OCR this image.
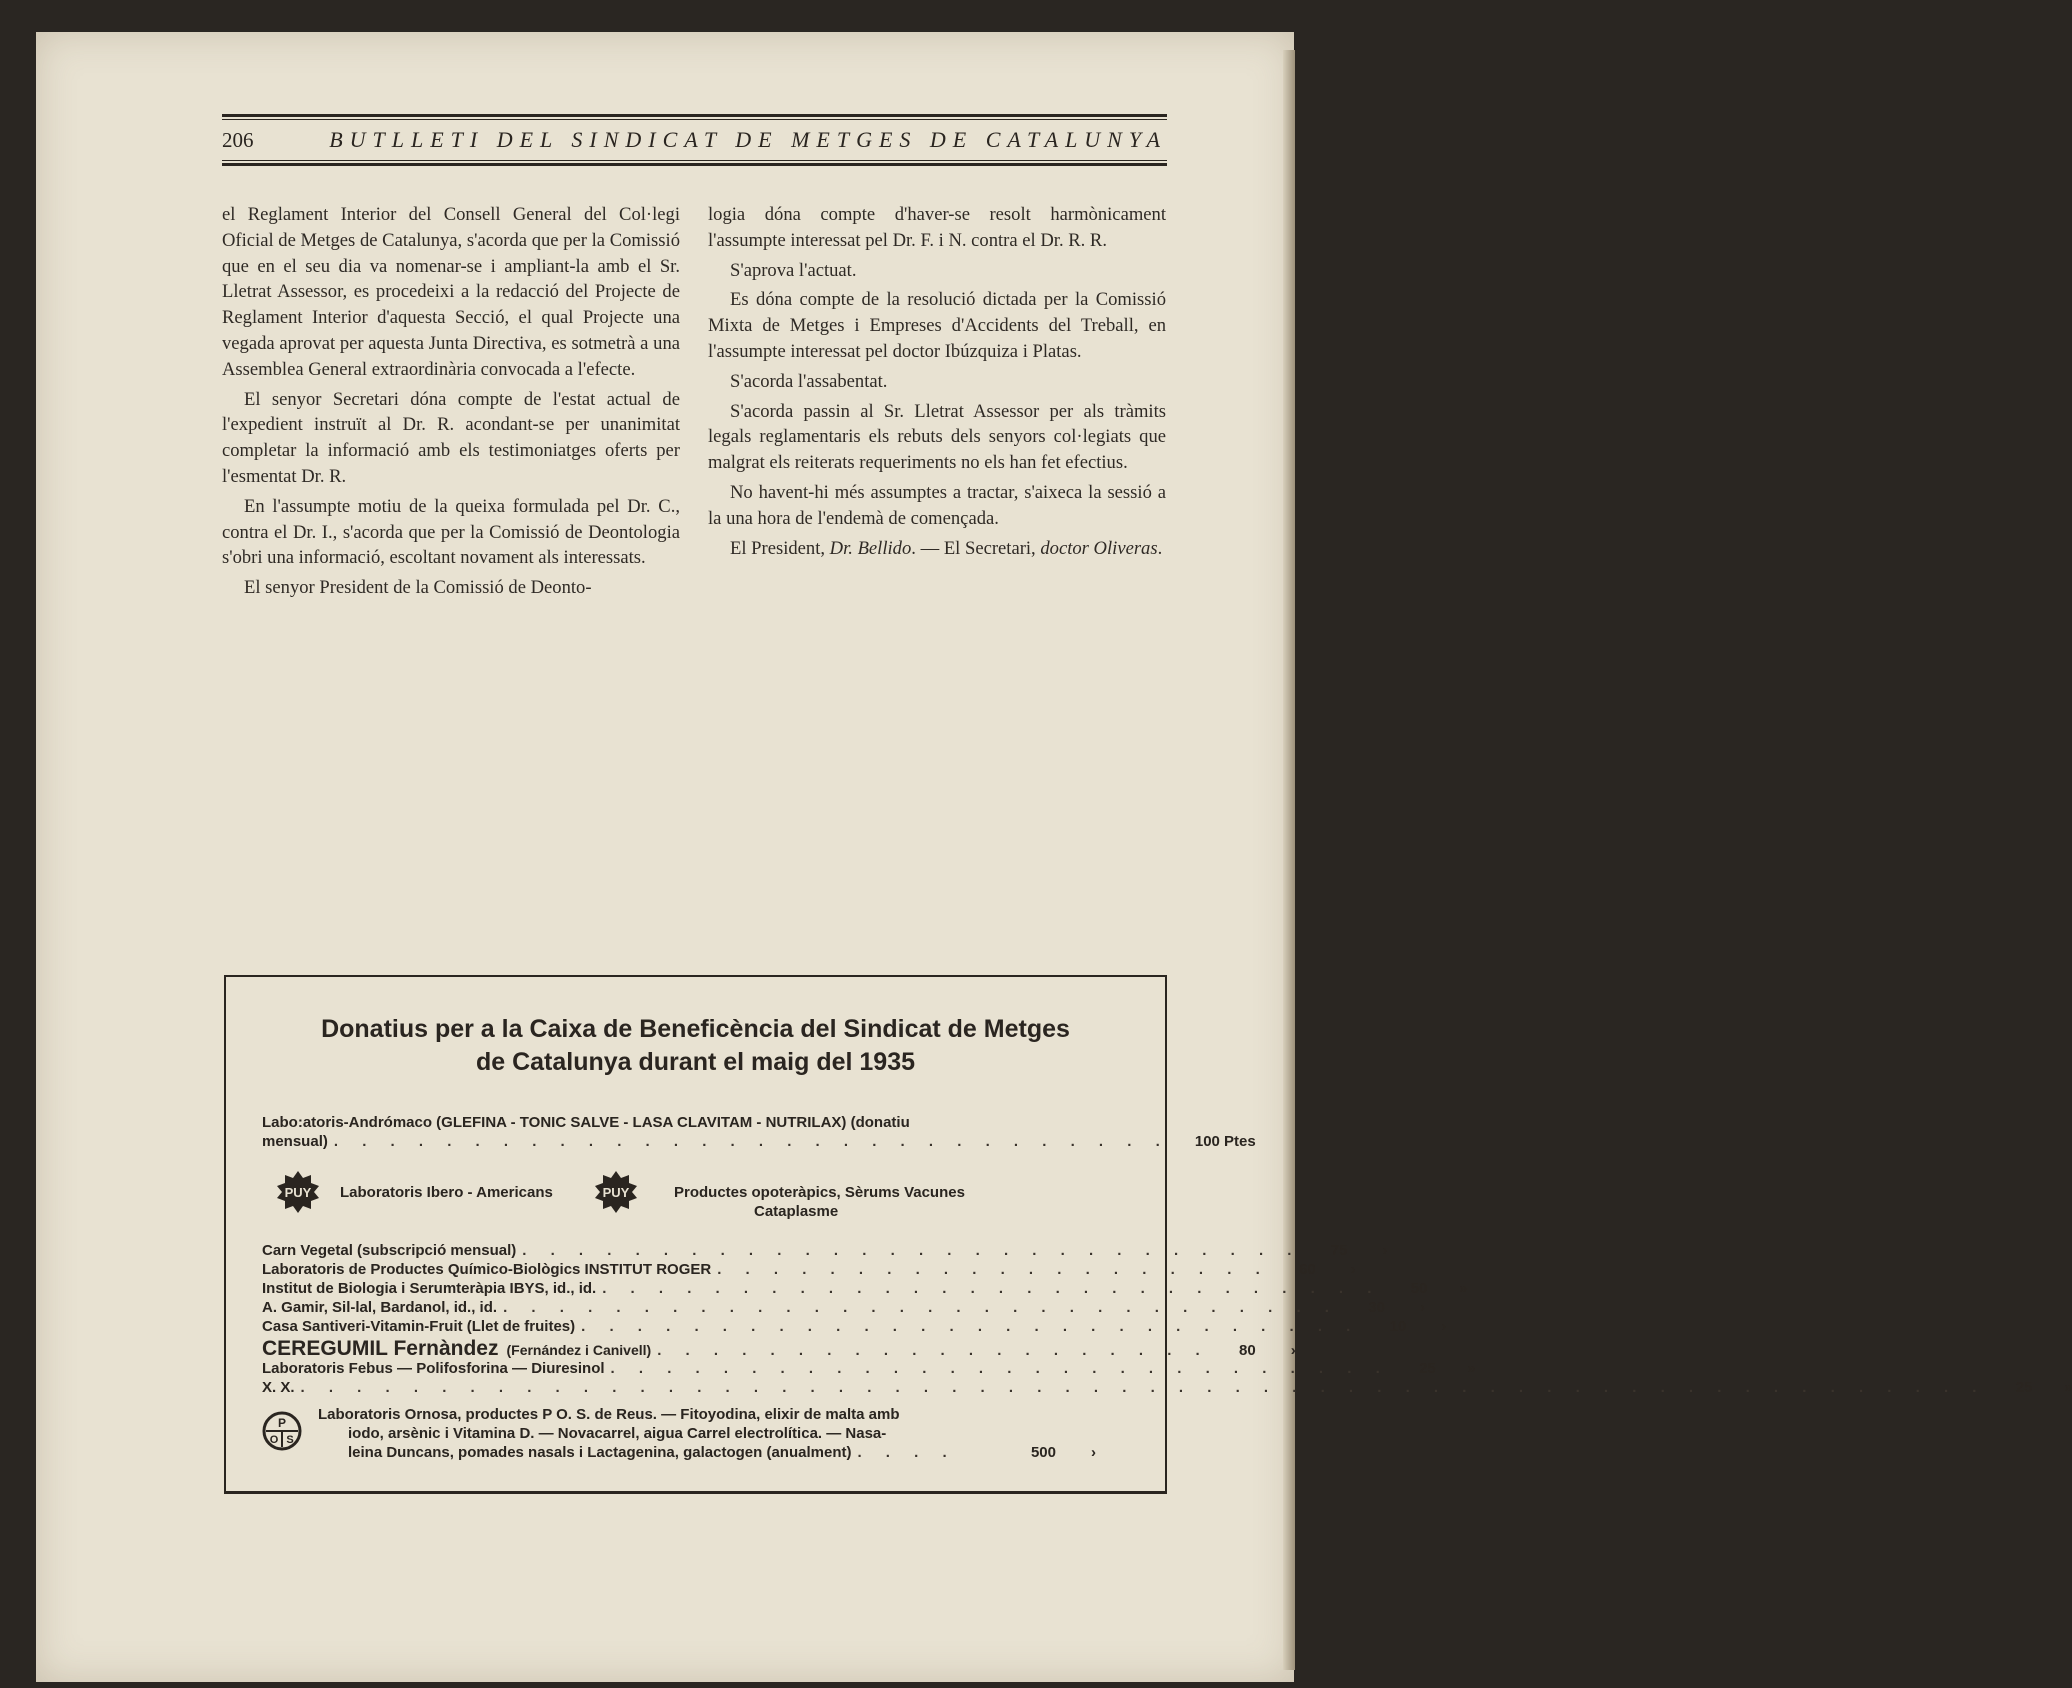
206	BUTLLETI DEL SINDICAT DE METGES DE CATALUNYA

el Reglament Interior del Consell General del Col·legi Oficial de Metges de Catalunya, s'acorda que per la Comissió que en el seu dia va nomenar-se i ampliant-la amb el Sr. Lletrat Assessor, es procedeixi a la redacció del Projecte de Reglament Interior d'aquesta Secció, el qual Projecte una vegada aprovat per aquesta Junta Directiva, es sotmetrà a una Assemblea General extraordinària convocada a l'efecte.

El senyor Secretari dóna compte de l'estat actual de l'expedient instruït al Dr. R. acondant-se per unanimitat completar la informació amb els testimoniatges oferts per l'esmentat Dr. R.

En l'assumpte motiu de la queixa formulada pel Dr. C., contra el Dr. I., s'acorda que per la Comissió de Deontologia s'obri una informació, escoltant novament als interessats.

El senyor President de la Comissió de Deonto-

logia dóna compte d'haver-se resolt harmònicament l'assumpte interessat pel Dr. F. i N. contra el Dr. R. R.

S'aprova l'actuat.

Es dóna compte de la resolució dictada per la Comissió Mixta de Metges i Empreses d'Accidents del Treball, en l'assumpte interessat pel doctor Ibúzquiza i Platas.

S'acorda l'assabentat.

S'acorda passin al Sr. Lletrat Assessor per als tràmits legals reglamentaris els rebuts dels senyors col·legiats que malgrat els reiterats requeriments no els han fet efectius.

No havent-hi més assumptes a tractar, s'aixeca la sessió a la una hora de l'endemà de començada.

El President, Dr. Bellido. — El Secretari, doctor Oliveras.

Donatius per a la Caixa de Beneficència del Sindicat de Metges
de Catalunya durant el maig del 1935
Labo:atoris-Andrómaco (GLEFINA - TONIC SALVE - LASA CLAVITAM - NUTRILAX) (donatiu
mensual) . . . . . . . . . . . . . . . . . . . . . . . . . . . . . .	100 Ptes
PUY Laboratoris Ibero - Americans	PUY	Productes opoteràpics, Sèrums Vacunes
Cataplasme
Carn Vegetal (subscripció mensual) . . . . . . . . . . . . . . . . . . . . . . . . . . . .	75	›
Laboratoris de Productes Químico-Biològics INSTITUT ROGER . . . . . . . . . . . . . . . . . . . .	60	›
Institut de Biologia i Serumteràpia IBYS, id., id. . . . . . . . . . . . . . . . . . . . . . . . . . . . .	50	»
A. Gamir, Sil-lal, Bardanol, id., id. . . . . . . . . . . . . . . . . . . . . . . . . . . . . . .	30	›
Casa Santiveri-Vitamin-Fruit (Llet de fruites) . . . . . . . . . . . . . . . . . . . . . . . . . . . .	10	›
CEREGUMIL Fernàndez (Fernández i Canivell) . . . . . . . . . . . . . . . . . . . .	80	›
Laboratoris Febus — Polifosforina — Diuresinol . . . . . . . . . . . . . . . . . . . . . . . . . . . .	25	»
X. X. . . . . . . . . . . . . . . . . . . . . . . . . . . . . . . . . . . . . . . . . . . . . . . . . . . . . . . . . . . . .	25	»
P
O S
Laboratoris Ornosa, productes P O. S. de Reus. — Fitoyodina, elixir de malta amb
iodo, arsènic i Vitamina D. — Novacarrel, aigua Carrel electrolítica. — Nasa-
leina Duncans, pomades nasals i Lactagenina, galactogen (anualment) . . . .	500	›
